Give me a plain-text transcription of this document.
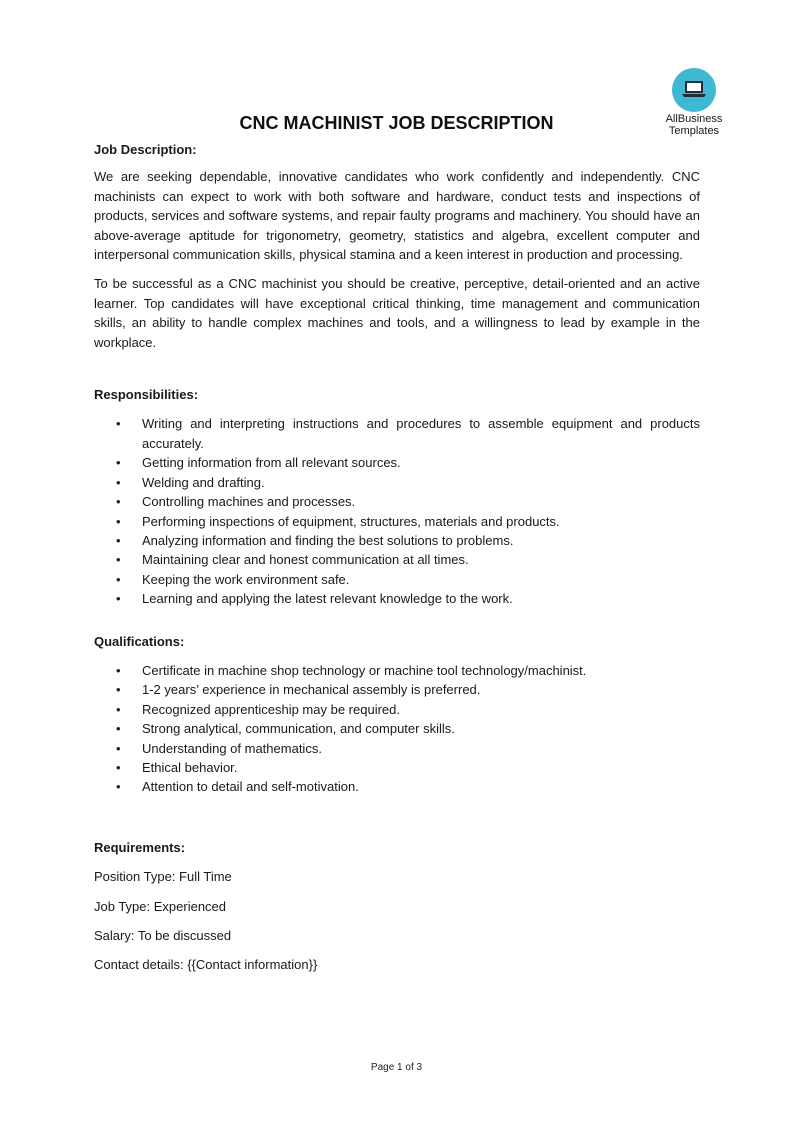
AllBusiness
Templates
CNC MACHINIST JOB DESCRIPTION

Job Description:

We are seeking dependable, innovative candidates who work confidently and independently. CNC machinists can expect to work with both software and hardware, conduct tests and inspections of products, services and software systems, and repair faulty programs and machinery. You should have an above-average aptitude for trigonometry, geometry, statistics and algebra, excellent computer and interpersonal communication skills, physical stamina and a keen interest in production and processing.

To be successful as a CNC machinist you should be creative, perceptive, detail-oriented and an active learner. Top candidates will have exceptional critical thinking, time management and communication skills, an ability to handle complex machines and tools, and a willingness to lead by example in the workplace.

Responsibilities:

• Writing and interpreting instructions and procedures to assemble equipment and products accurately.
• Getting information from all relevant sources.
• Welding and drafting.
• Controlling machines and processes.
• Performing inspections of equipment, structures, materials and products.
• Analyzing information and finding the best solutions to problems.
• Maintaining clear and honest communication at all times.
• Keeping the work environment safe.
• Learning and applying the latest relevant knowledge to the work.

Qualifications:

• Certificate in machine shop technology or machine tool technology/machinist.
• 1-2 years’ experience in mechanical assembly is preferred.
• Recognized apprenticeship may be required.
• Strong analytical, communication, and computer skills.
• Understanding of mathematics.
• Ethical behavior.
• Attention to detail and self-motivation.

Requirements:

Position Type: Full Time

Job Type: Experienced

Salary: To be discussed

Contact details: {{Contact information}}

Page 1 of 3
